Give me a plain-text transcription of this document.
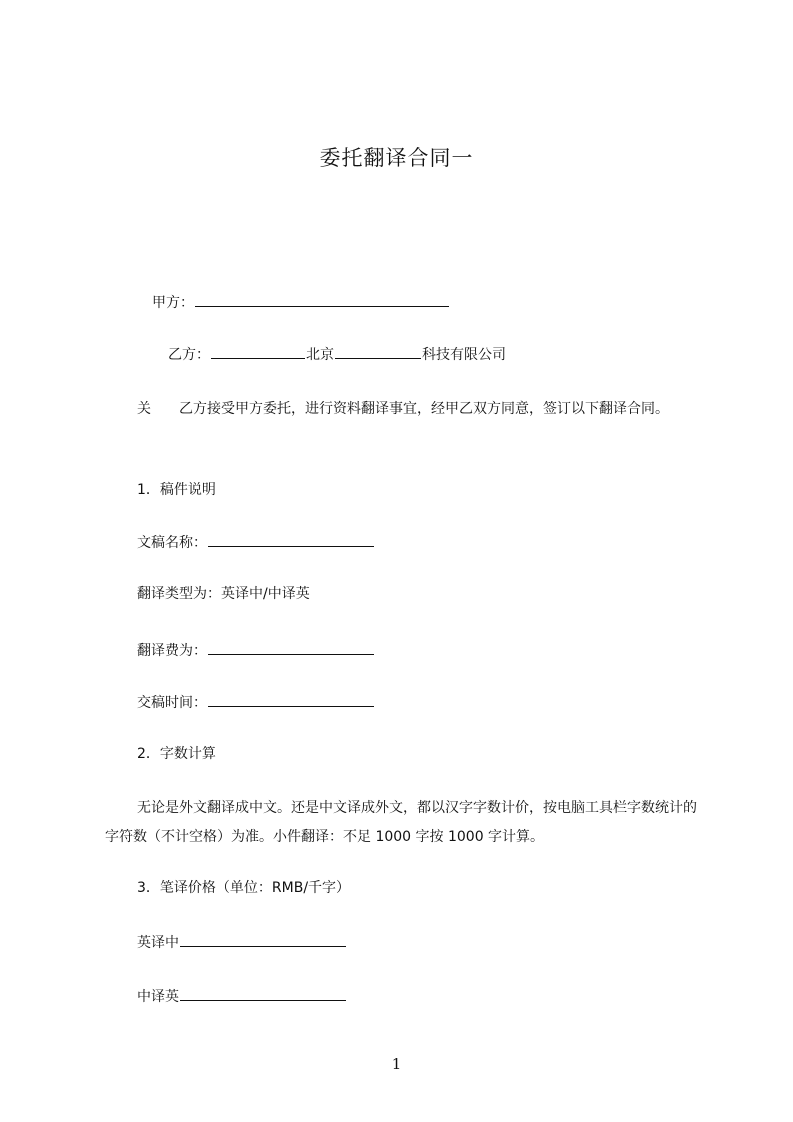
委托翻译合同一
甲方：
乙方：	北京	科技有限公司
关　　乙方接受甲方委托，进行资料翻译事宜，经甲乙双方同意，签订以下翻译合同。
1．稿件说明
文稿名称：
翻译类型为：英译中/中译英
翻译费为：
交稿时间：
2．字数计算
无论是外文翻译成中文。还是中文译成外文，都以汉字字数计价，按电脑工具栏字数统计的字符数（不计空格）为准。小件翻译：不足 1000 字按 1000 字计算。
3．笔译价格（单位：RMB/千字）
英译中
中译英
1
